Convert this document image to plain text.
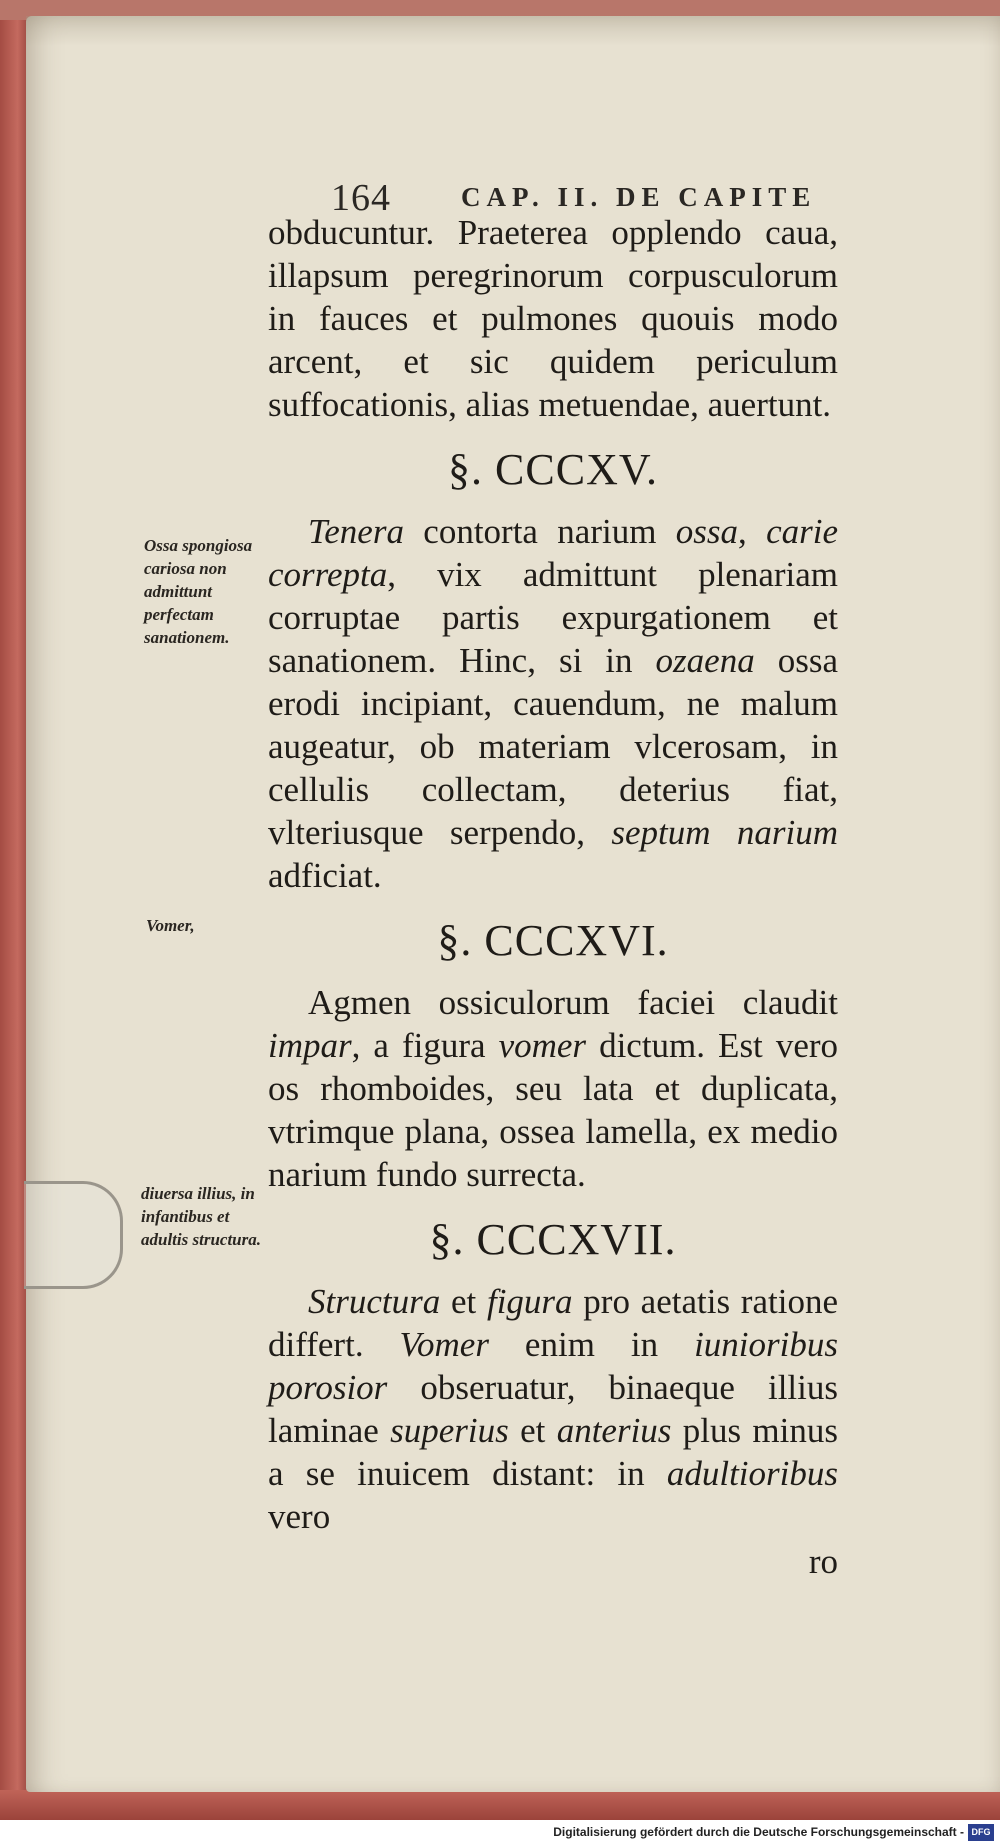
164	CAP. II. DE CAPITE
Ossa spongiosa cariosa non admittunt perfectam sanationem.
Vomer,
diuersa illius, in infantibus et adultis structura.

obducuntur. Praeterea opplendo caua, illapsum peregrinorum corpusculorum in fauces et pulmones quouis modo arcent, et sic quidem periculum suffocationis, alias metuendae, auertunt.

§. CCCXV.

Tenera contorta narium ossa, carie correpta, vix admittunt plenariam corruptae partis expurgationem et sanationem. Hinc, si in ozaena ossa erodi incipiant, cauendum, ne malum augeatur, ob materiam vlcerosam, in cellulis collectam, deterius fiat, vlteriusque serpendo, septum narium adficiat.

§. CCCXVI.

Agmen ossiculorum faciei claudit impar, a figura vomer dictum. Est vero os rhomboides, seu lata et duplicata, vtrimque plana, ossea lamella, ex medio narium fundo surrecta.

§. CCCXVII.

Structura et figura pro aetatis ratione differt. Vomer enim in iunioribus porosior obseruatur, binaeque illius laminae superius et anterius plus minus a se inuicem distant: in adultioribus vero

ro

Digitalisierung gefördert durch die Deutsche Forschungsgemeinschaft - DFG
